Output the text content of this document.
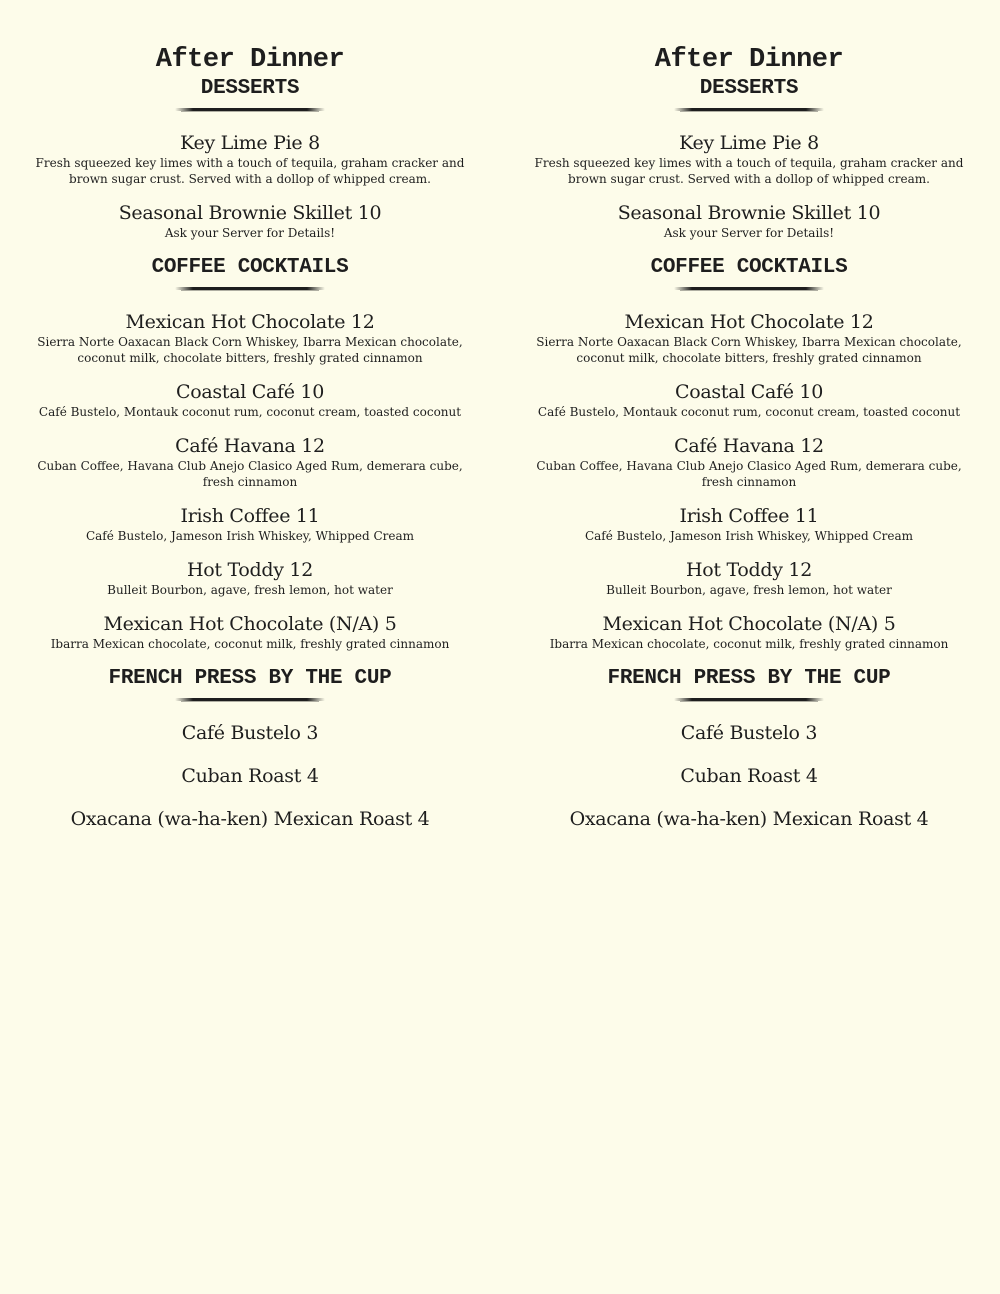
After Dinner
DESSERTS

Key Lime Pie 8

Fresh squeezed key limes with a touch of tequila, graham cracker and brown sugar crust. Served with a dollop of whipped cream.

Seasonal Brownie Skillet 10

Ask your Server for Details!

COFFEE COCKTAILS

Mexican Hot Chocolate 12

Sierra Norte Oaxacan Black Corn Whiskey, Ibarra Mexican chocolate, coconut milk, chocolate bitters, freshly grated cinnamon

Coastal Café 10

Café Bustelo, Montauk coconut rum, coconut cream, toasted coconut

Café Havana 12

Cuban Coffee, Havana Club Anejo Clasico Aged Rum, demerara cube, fresh cinnamon

Irish Coffee 11

Café Bustelo, Jameson Irish Whiskey, Whipped Cream

Hot Toddy 12

Bulleit Bourbon, agave, fresh lemon, hot water

Mexican Hot Chocolate (N/A) 5

Ibarra Mexican chocolate, coconut milk, freshly grated cinnamon

FRENCH PRESS BY THE CUP

Café Bustelo 3

Cuban Roast 4

Oxacana (wa-ha-ken) Mexican Roast 4

After Dinner
DESSERTS

Key Lime Pie 8

Fresh squeezed key limes with a touch of tequila, graham cracker and brown sugar crust. Served with a dollop of whipped cream.

Seasonal Brownie Skillet 10

Ask your Server for Details!

COFFEE COCKTAILS

Mexican Hot Chocolate 12

Sierra Norte Oaxacan Black Corn Whiskey, Ibarra Mexican chocolate, coconut milk, chocolate bitters, freshly grated cinnamon

Coastal Café 10

Café Bustelo, Montauk coconut rum, coconut cream, toasted coconut

Café Havana 12

Cuban Coffee, Havana Club Anejo Clasico Aged Rum, demerara cube, fresh cinnamon

Irish Coffee 11

Café Bustelo, Jameson Irish Whiskey, Whipped Cream

Hot Toddy 12

Bulleit Bourbon, agave, fresh lemon, hot water

Mexican Hot Chocolate (N/A) 5

Ibarra Mexican chocolate, coconut milk, freshly grated cinnamon

FRENCH PRESS BY THE CUP

Café Bustelo 3

Cuban Roast 4

Oxacana (wa-ha-ken) Mexican Roast 4
